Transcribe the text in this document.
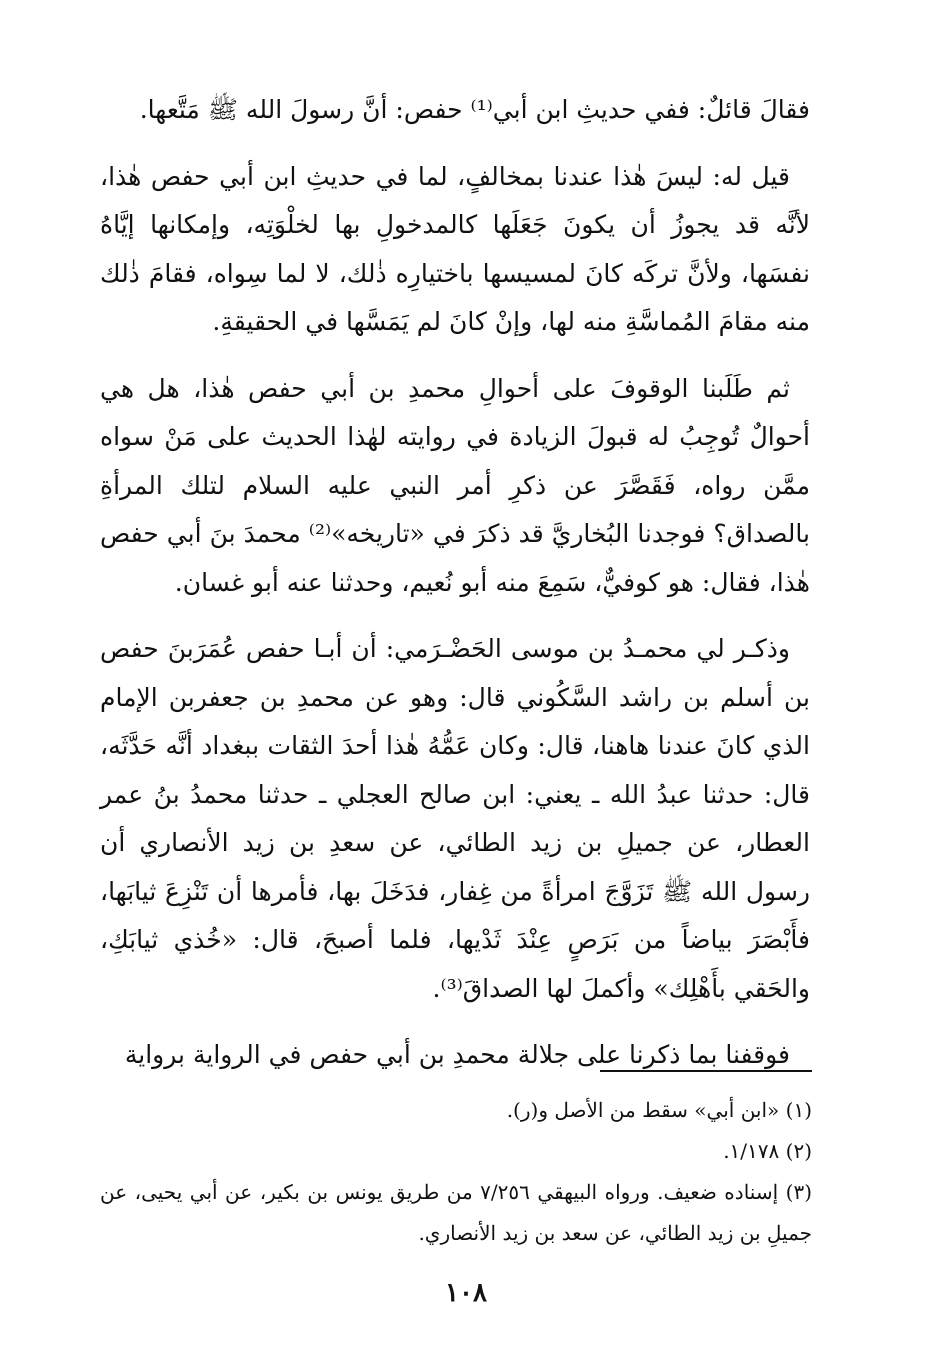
فقالَ قائلٌ: ففي حديثِ ابن أبي⁽¹⁾ حفص: أنَّ رسولَ الله ﷺ مَتَّعها.

قيل له: ليسَ هٰذا عندنا بمخالفٍ، لما في حديثِ ابن أبي حفص هٰذا، لأنَّه قد يجوزُ أن يكونَ جَعَلَها كالمدخولِ بها لخلْوَتِه، وإمكانها إيَّاهُ نفسَها، ولأنَّ تركَه كانَ لمسيسها باختيارِه ذٰلك، لا لما سِواه، فقامَ ذٰلك منه مقامَ المُماسَّةِ منه لها، وإنْ كانَ لم يَمَسَّها في الحقيقةِ.

ثم طَلَبنا الوقوفَ على أحوالِ محمدِ بن أبي حفص هٰذا، هل هي أحوالٌ تُوجِبُ له قبولَ الزيادة في روايته لهٰذا الحديث على مَنْ سواه ممَّن رواه، فَقَصَّرَ عن ذكرِ أمر النبي عليه السلام لتلك المرأةِ بالصداق؟ فوجدنا البُخاريَّ قد ذكرَ في «تاريخه»⁽²⁾ محمدَ بنَ أبي حفص هٰذا، فقال: هو كوفيٌّ، سَمِعَ منه أبو نُعيم، وحدثنا عنه أبو غسان.

وذكـر لي محمـدُ بن موسى الحَضْـرَمي: أن أبـا حفص عُمَرَبنَ حفص بن أسلم بن راشد السَّكُوني قال: وهو عن محمدِ بن جعفربن الإمام الذي كانَ عندنا هاهنا، قال: وكان عَمُّهُ هٰذا أحدَ الثقات ببغداد أنَّه حَدَّثَه، قال: حدثنا عبدُ الله ـ يعني: ابن صالح العجلي ـ حدثنا محمدُ بنُ عمر العطار، عن جميلِ بن زيد الطائي، عن سعدِ بن زيد الأنصاري أن رسول الله ﷺ تَزَوَّجَ امرأةً من غِفار، فدَخَلَ بها، فأمرها أن تَنْزِعَ ثيابَها، فأَبْصَرَ بياضاً من بَرَصٍ عِنْدَ ثَدْيها، فلما أصبحَ، قال: «خُذي ثيابَكِ، والحَقي بأَهْلِك» وأكملَ لها الصداقَ⁽³⁾.

فوقفنا بما ذكرنا على جلالة محمدِ بن أبي حفص في الرواية برواية

(١) «ابن أبي» سقط من الأصل و(ر).

(٢) ١/١٧٨.

(٣) إسناده ضعيف. ورواه البيهقي ٧/٢٥٦ من طريق يونس بن بكير، عن أبي يحيى، عن جميلِ بن زيد الطائي، عن سعد بن زيد الأنصاري.

١٠٨
